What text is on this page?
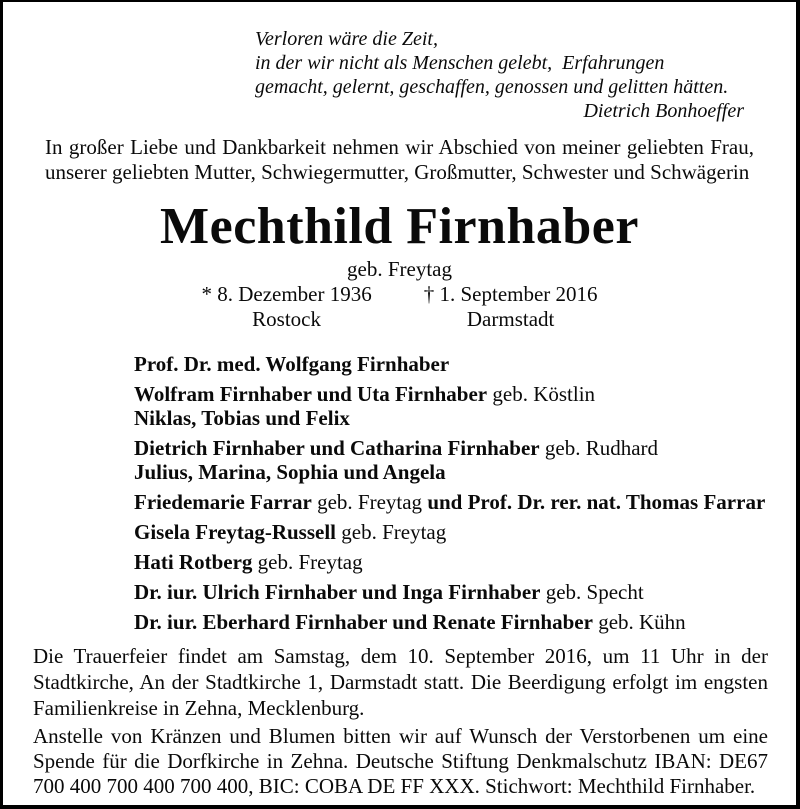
Verloren wäre die Zeit,
in der wir nicht als Menschen gelebt,  Erfahrungen
gemacht, gelernt, geschaffen, genossen und gelitten hätten.
Dietrich Bonhoeffer

In großer Liebe und Dankbarkeit nehmen wir Abschied von meiner geliebten Frau, unserer geliebten Mutter, Schwiegermutter, Großmutter, Schwester und Schwägerin

Mechthild Firnhaber
geb. Freytag
* 8. Dezember 1936
Rostock
† 1. September 2016
Darmstadt
Prof. Dr. med. Wolfgang Firnhaber
Wolfram Firnhaber und Uta Firnhaber geb. Köstlin
Niklas, Tobias und Felix
Dietrich Firnhaber und Catharina Firnhaber geb. Rudhard
Julius, Marina, Sophia und Angela
Friedemarie Farrar geb. Freytag und Prof. Dr. rer. nat. Thomas Farrar
Gisela Freytag-Russell geb. Freytag
Hati Rotberg geb. Freytag
Dr. iur. Ulrich Firnhaber und Inga Firnhaber geb. Specht
Dr. iur. Eberhard Firnhaber und Renate Firnhaber geb. Kühn

Die Trauerfeier findet am Samstag, dem 10. September 2016, um 11 Uhr in der Stadtkirche, An der Stadtkirche 1, Darmstadt statt. Die Beerdigung erfolgt im engsten Familienkreise in Zehna, Mecklenburg.

Anstelle von Kränzen und Blumen bitten wir auf Wunsch der Verstorbenen um eine Spende für die Dorfkirche in Zehna. Deutsche Stiftung Denkmalschutz IBAN: DE67 700 400 700 400 700 400, BIC: COBA DE FF XXX. Stichwort: Mechthild Firnhaber.
